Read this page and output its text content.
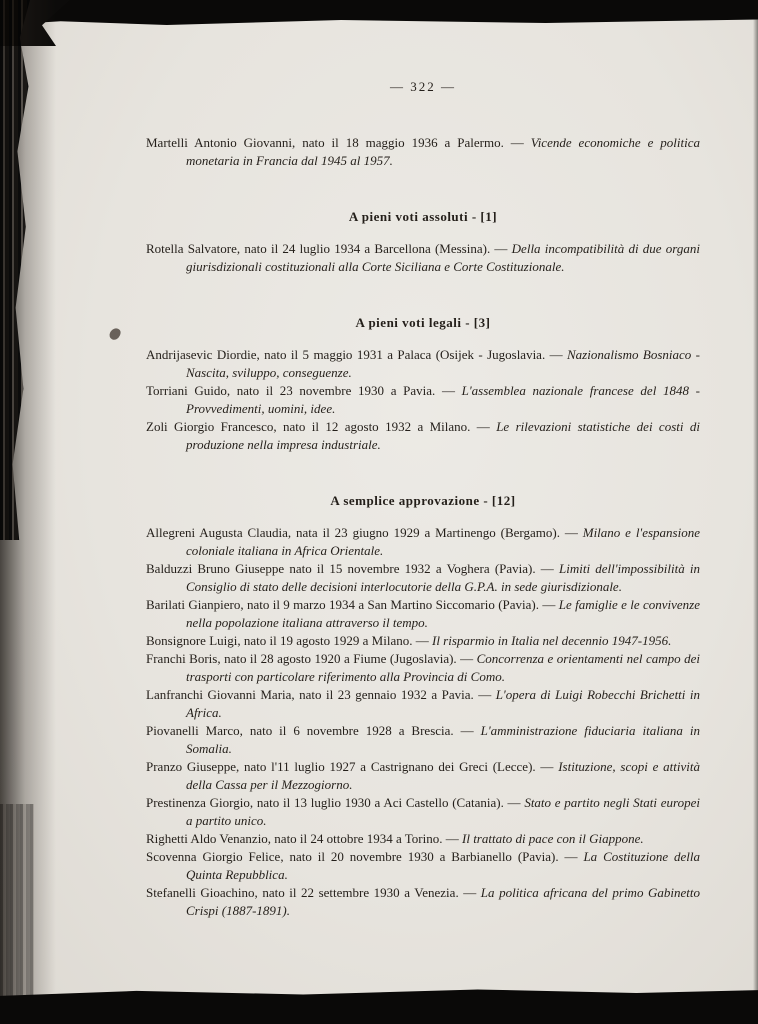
— 322 —

Martelli Antonio Giovanni, nato il 18 maggio 1936 a Palermo. — Vicende economiche e politica monetaria in Francia dal 1945 al 1957.

A pieni voti assoluti - [1]

Rotella Salvatore, nato il 24 luglio 1934 a Barcellona (Messina). — Della incompatibilità di due organi giurisdizionali costituzionali alla Corte Siciliana e Corte Costituzionale.

A pieni voti legali - [3]

Andrijasevic Diordie, nato il 5 maggio 1931 a Palaca (Osijek - Jugoslavia. — Nazionalismo Bosniaco - Nascita, sviluppo, conseguenze.

Torriani Guido, nato il 23 novembre 1930 a Pavia. — L'assemblea nazionale francese del 1848 - Provvedimenti, uomini, idee.

Zoli Giorgio Francesco, nato il 12 agosto 1932 a Milano. — Le rilevazioni statistiche dei costi di produzione nella impresa industriale.

A semplice approvazione - [12]

Allegreni Augusta Claudia, nata il 23 giugno 1929 a Martinengo (Bergamo). — Milano e l'espansione coloniale italiana in Africa Orientale.

Balduzzi Bruno Giuseppe nato il 15 novembre 1932 a Voghera (Pavia). — Limiti dell'impossibilità in Consiglio di stato delle decisioni interlocutorie della G.P.A. in sede giurisdizionale.

Barilati Gianpiero, nato il 9 marzo 1934 a San Martino Siccomario (Pavia). — Le famiglie e le convivenze nella popolazione italiana attraverso il tempo.

Bonsignore Luigi, nato il 19 agosto 1929 a Milano. — Il risparmio in Italia nel decennio 1947-1956.

Franchi Boris, nato il 28 agosto 1920 a Fiume (Jugoslavia). — Concorrenza e orientamenti nel campo dei trasporti con particolare riferimento alla Provincia di Como.

Lanfranchi Giovanni Maria, nato il 23 gennaio 1932 a Pavia. — L'opera di Luigi Robecchi Brichetti in Africa.

Piovanelli Marco, nato il 6 novembre 1928 a Brescia. — L'amministrazione fiduciaria italiana in Somalia.

Pranzo Giuseppe, nato l'11 luglio 1927 a Castrignano dei Greci (Lecce). — Istituzione, scopi e attività della Cassa per il Mezzogiorno.

Prestinenza Giorgio, nato il 13 luglio 1930 a Aci Castello (Catania). — Stato e partito negli Stati europei a partito unico.

Righetti Aldo Venanzio, nato il 24 ottobre 1934 a Torino. — Il trattato di pace con il Giappone.

Scovenna Giorgio Felice, nato il 20 novembre 1930 a Barbianello (Pavia). — La Costituzione della Quinta Repubblica.

Stefanelli Gioachino, nato il 22 settembre 1930 a Venezia. — La politica africana del primo Gabinetto Crispi (1887-1891).
